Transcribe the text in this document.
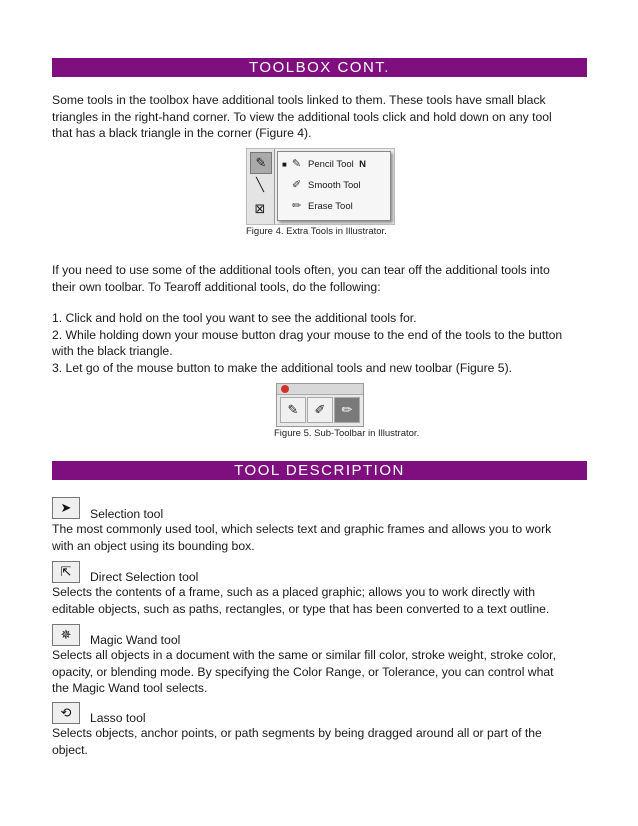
TOOLBOX CONT.
Some tools in the toolbox have additional tools linked to them. These tools have small black
triangles in the right-hand corner. To view the additional tools click and hold down on any tool
that has a black triangle in the corner (Figure 4).
✎
╲
⊠
■ ✎ Pencil Tool N
✐ Smooth Tool
✏ Erase Tool
Figure 4. Extra Tools in Illustrator.
If you need to use some of the additional tools often, you can tear off the additional tools into
their own toolbar. To Tearoff additional tools, do the following:
1. Click and hold on the tool you want to see the additional tools for.
2. While holding down your mouse button drag your mouse to the end of the tools to the button
with the black triangle.
3. Let go of the mouse button to make the additional tools and new toolbar (Figure 5).
✎	✐	✏
Figure 5. Sub-Toolbar in Illustrator.
TOOL DESCRIPTION
➤	Selection tool
The most commonly used tool, which selects text and graphic frames and allows you to work
with an object using its bounding box.
⇱	Direct Selection tool
Selects the contents of a frame, such as a placed graphic; allows you to work directly with
editable objects, such as paths, rectangles, or type that has been converted to a text outline.
✵	Magic Wand tool
Selects all objects in a document with the same or similar fill color, stroke weight, stroke color,
opacity, or blending mode. By specifying the Color Range, or Tolerance, you can control what
the Magic Wand tool selects.
⟲	Lasso tool
Selects objects, anchor points, or path segments by being dragged around all or part of the
object.
